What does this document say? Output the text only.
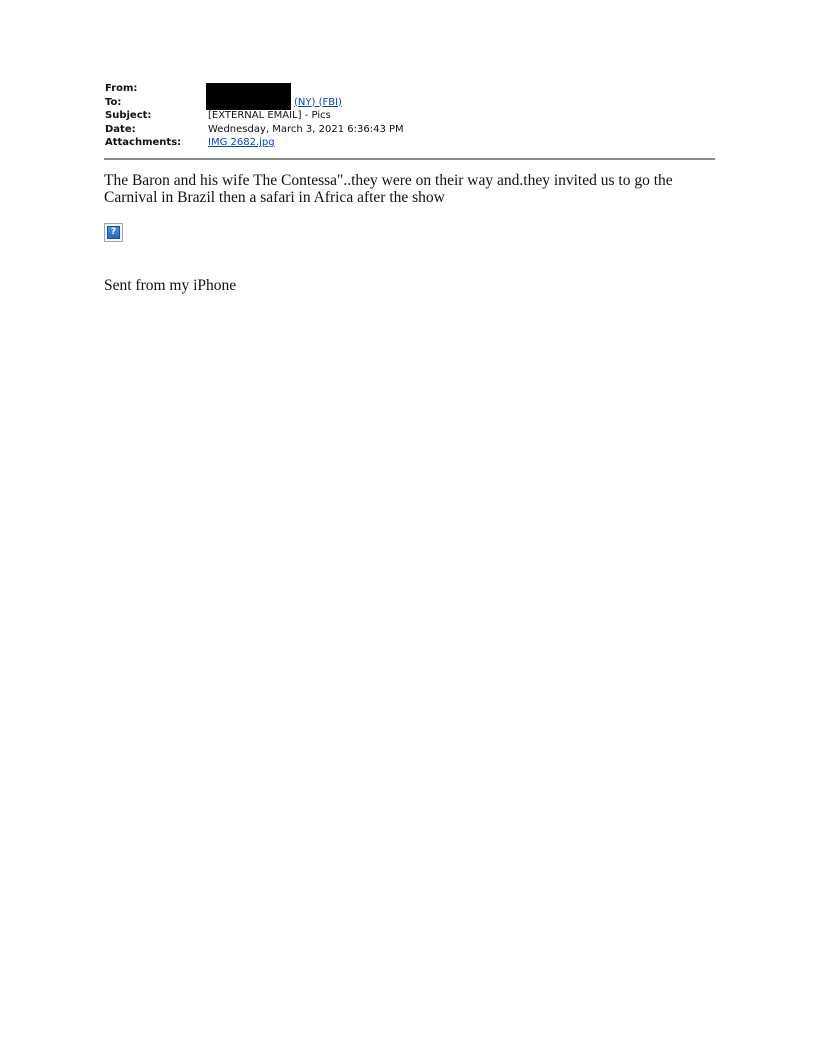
From:
To:	(NY) (FBI)
Subject:	[EXTERNAL EMAIL] - Pics
Date:	Wednesday, March 3, 2021 6:36:43 PM
Attachments:	IMG 2682.jpg
The Baron and his wife The Contessa"..they were on their way and.they invited us to go the Carnival in Brazil then a safari in Africa after the show
?
Sent from my iPhone
